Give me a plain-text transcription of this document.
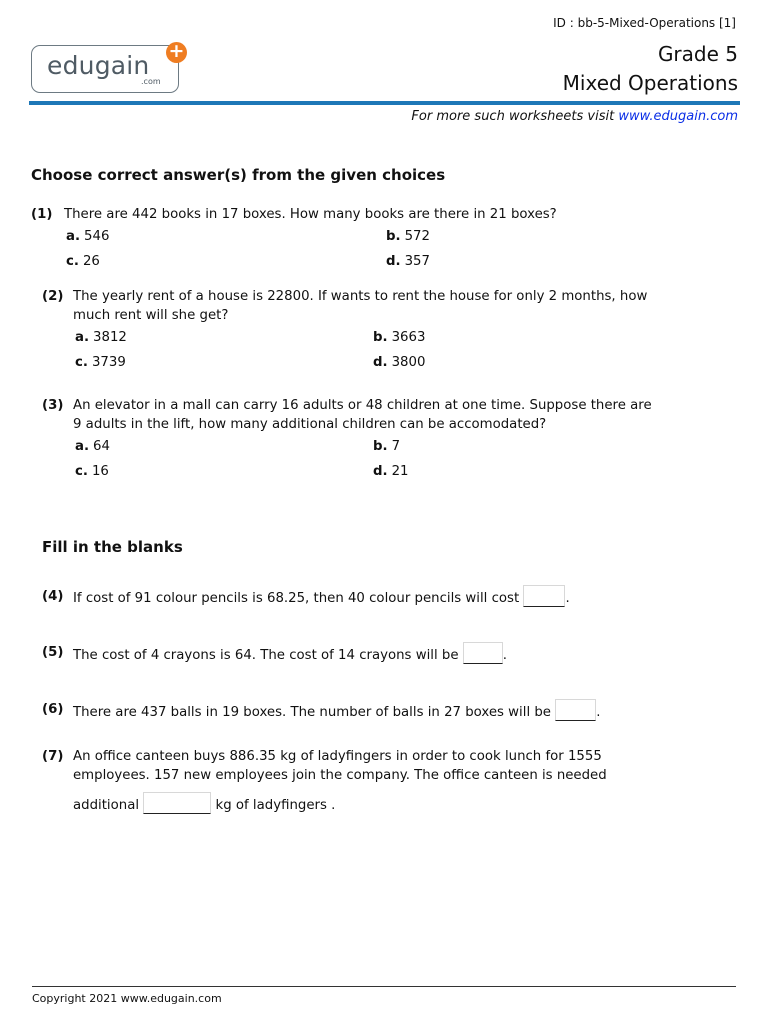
edugain
.com
+
ID : bb-5-Mixed-Operations [1]
Grade 5
Mixed Operations
For more such worksheets visit www.edugain.com
Choose correct answer(s) from the given choices
(1) There are 442 books in 17 boxes. How many books are there in 21 boxes?
a. 546	b. 572
c. 26	d. 357
(2) The yearly rent of a house is 22800. If wants to rent the house for only 2 months, how
much rent will she get?
a. 3812	b. 3663
c. 3739	d. 3800
(3) An elevator in a mall can carry 16 adults or 48 children at one time. Suppose there are
9 adults in the lift, how many additional children can be accomodated?
a. 64	b. 7
c. 16	d. 21
Fill in the blanks
(4) If cost of 91 colour pencils is 68.25, then 40 colour pencils will cost	.
(5) The cost of 4 crayons is 64. The cost of 14 crayons will be	.
(6) There are 437 balls in 19 boxes. The number of balls in 27 boxes will be	.
(7) An office canteen buys 886.35 kg of ladyfingers in order to cook lunch for 1555
employees. 157 new employees join the company. The office canteen is needed
additional	kg of ladyfingers .
Copyright 2021 www.edugain.com
